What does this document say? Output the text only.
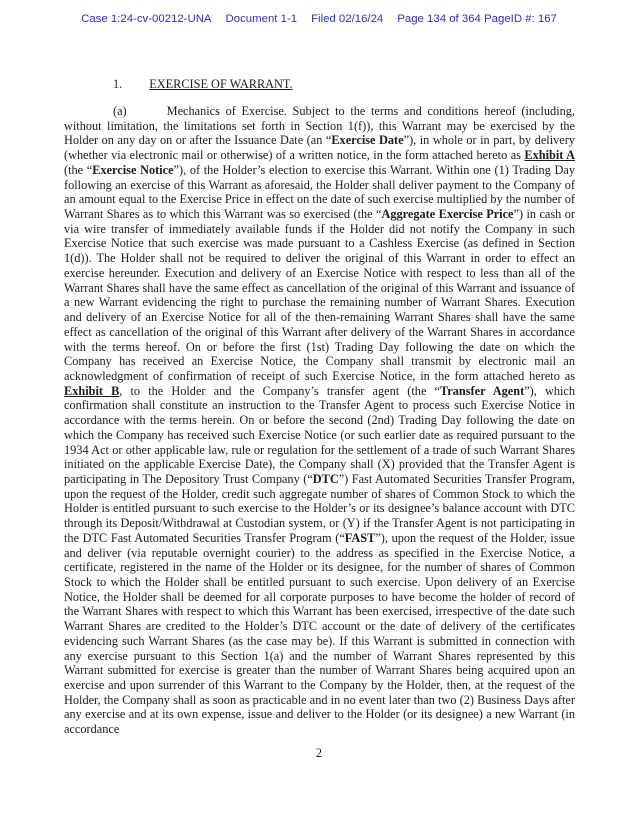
Case 1:24-cv-00212-UNA Document 1-1 Filed 02/16/24 Page 134 of 364 PageID #: 167

1. EXERCISE OF WARRANT.

(a)	Mechanics of Exercise. Subject to the terms and conditions hereof (including, without limitation, the limitations set forth in Section 1(f)), this Warrant may be exercised by the Holder on any day on or after the Issuance Date (an “Exercise Date”), in whole or in part, by delivery (whether via electronic mail or otherwise) of a written notice, in the form attached hereto as Exhibit A (the “Exercise Notice”), of the Holder’s election to exercise this Warrant. Within one (1) Trading Day following an exercise of this Warrant as aforesaid, the Holder shall deliver payment to the Company of an amount equal to the Exercise Price in effect on the date of such exercise multiplied by the number of Warrant Shares as to which this Warrant was so exercised (the “Aggregate Exercise Price”) in cash or via wire transfer of immediately available funds if the Holder did not notify the Company in such Exercise Notice that such exercise was made pursuant to a Cashless Exercise (as defined in Section 1(d)). The Holder shall not be required to deliver the original of this Warrant in order to effect an exercise hereunder. Execution and delivery of an Exercise Notice with respect to less than all of the Warrant Shares shall have the same effect as cancellation of the original of this Warrant and issuance of a new Warrant evidencing the right to purchase the remaining number of Warrant Shares. Execution and delivery of an Exercise Notice for all of the then-remaining Warrant Shares shall have the same effect as cancellation of the original of this Warrant after delivery of the Warrant Shares in accordance with the terms hereof. On or before the first (1st) Trading Day following the date on which the Company has received an Exercise Notice, the Company shall transmit by electronic mail an acknowledgment of confirmation of receipt of such Exercise Notice, in the form attached hereto as Exhibit B, to the Holder and the Company’s transfer agent (the “Transfer Agent”), which confirmation shall constitute an instruction to the Transfer Agent to process such Exercise Notice in accordance with the terms herein. On or before the second (2nd) Trading Day following the date on which the Company has received such Exercise Notice (or such earlier date as required pursuant to the 1934 Act or other applicable law, rule or regulation for the settlement of a trade of such Warrant Shares initiated on the applicable Exercise Date), the Company shall (X) provided that the Transfer Agent is participating in The Depository Trust Company (“DTC”) Fast Automated Securities Transfer Program, upon the request of the Holder, credit such aggregate number of shares of Common Stock to which the Holder is entitled pursuant to such exercise to the Holder’s or its designee’s balance account with DTC through its Deposit/Withdrawal at Custodian system, or (Y) if the Transfer Agent is not participating in the DTC Fast Automated Securities Transfer Program (“FAST”), upon the request of the Holder, issue and deliver (via reputable overnight courier) to the address as specified in the Exercise Notice, a certificate, registered in the name of the Holder or its designee, for the number of shares of Common Stock to which the Holder shall be entitled pursuant to such exercise. Upon delivery of an Exercise Notice, the Holder shall be deemed for all corporate purposes to have become the holder of record of the Warrant Shares with respect to which this Warrant has been exercised, irrespective of the date such Warrant Shares are credited to the Holder’s DTC account or the date of delivery of the certificates evidencing such Warrant Shares (as the case may be). If this Warrant is submitted in connection with any exercise pursuant to this Section 1(a) and the number of Warrant Shares represented by this Warrant submitted for exercise is greater than the number of Warrant Shares being acquired upon an exercise and upon surrender of this Warrant to the Company by the Holder, then, at the request of the Holder, the Company shall as soon as practicable and in no event later than two (2) Business Days after any exercise and at its own expense, issue and deliver to the Holder (or its designee) a new Warrant (in accordance

2
